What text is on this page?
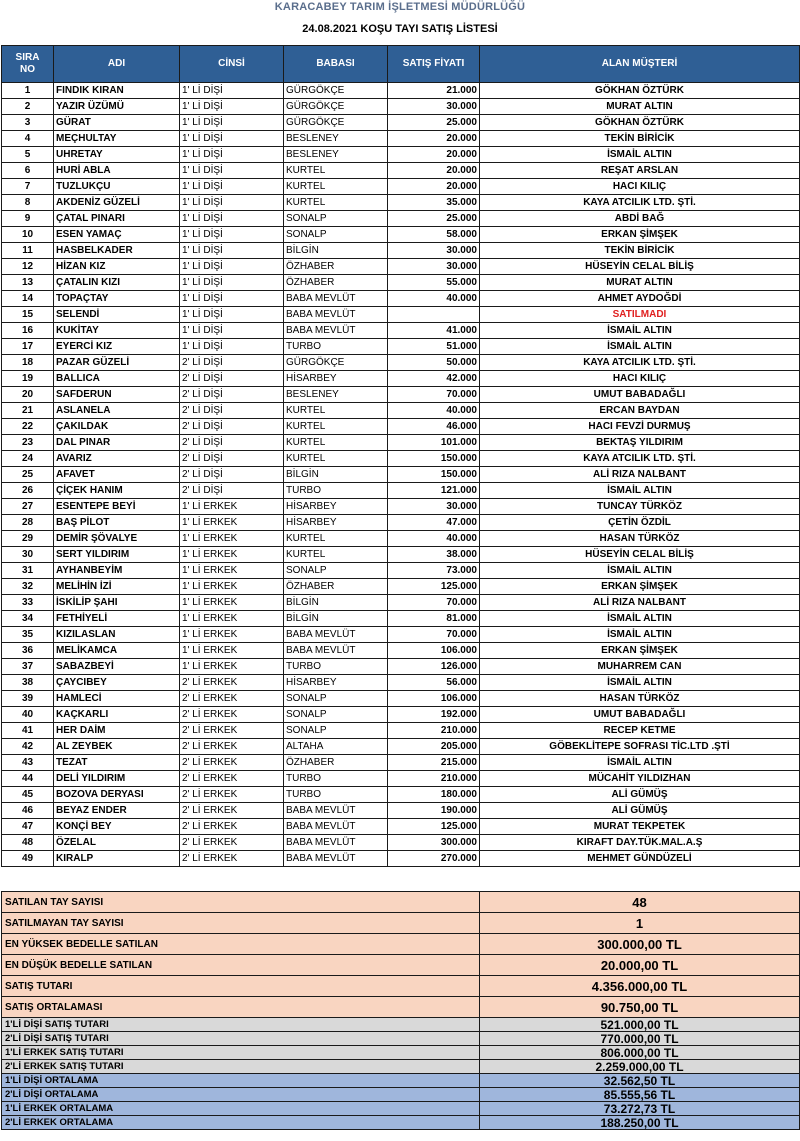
KARACABEY TARIM İŞLETMESİ MÜDÜRLÜĞÜ
24.08.2021 KOŞU TAYI SATIŞ LİSTESİ
SIRA
NO	ADI	CİNSİ	BABASI	SATIŞ FİYATI	ALAN MÜŞTERİ
1	FINDIK KIRAN	1' Lİ DİŞİ	GÜRGÖKÇE	21.000	GÖKHAN ÖZTÜRK
2	YAZIR ÜZÜMÜ	1' Lİ DİŞİ	GÜRGÖKÇE	30.000	MURAT ALTIN
3	GÜRAT	1' Lİ DİŞİ	GÜRGÖKÇE	25.000	GÖKHAN ÖZTÜRK
4	MEÇHULTAY	1' Lİ DİŞİ	BESLENEY	20.000	TEKİN BİRİCİK
5	UHRETAY	1' Lİ DİŞİ	BESLENEY	20.000	İSMAİL ALTIN
6	HURİ ABLA	1' Lİ DİŞİ	KURTEL	20.000	REŞAT ARSLAN
7	TUZLUKÇU	1' Lİ DİŞİ	KURTEL	20.000	HACI KILIÇ
8	AKDENİZ GÜZELİ	1' Lİ DİŞİ	KURTEL	35.000	KAYA ATCILIK LTD. ŞTİ.
9	ÇATAL PINARI	1' Lİ DİŞİ	SONALP	25.000	ABDİ BAĞ
10	ESEN YAMAÇ	1' Lİ DİŞİ	SONALP	58.000	ERKAN ŞİMŞEK
11	HASBELKADER	1' Lİ DİŞİ	BİLGİN	30.000	TEKİN BİRİCİK
12	HİZAN KIZ	1' Lİ DİŞİ	ÖZHABER	30.000	HÜSEYİN CELAL BİLİŞ
13	ÇATALIN KIZI	1' Lİ DİŞİ	ÖZHABER	55.000	MURAT ALTIN
14	TOPAÇTAY	1' Lİ DİŞİ	BABA MEVLÜT	40.000	AHMET AYDOĞDİ
15	SELENDİ	1' Lİ DİŞİ	BABA MEVLÜT		SATILMADI
16	KUKİTAY	1' Lİ DİŞİ	BABA MEVLÜT	41.000	İSMAİL ALTIN
17	EYERCİ KIZ	1' Lİ DİŞİ	TURBO	51.000	İSMAİL ALTIN
18	PAZAR GÜZELİ	2' Lİ DİŞİ	GÜRGÖKÇE	50.000	KAYA ATCILIK LTD. ŞTİ.
19	BALLICA	2' Lİ DİŞİ	HİSARBEY	42.000	HACI KILIÇ
20	SAFDERUN	2' Lİ DİŞİ	BESLENEY	70.000	UMUT BABADAĞLI
21	ASLANELA	2' Lİ DİŞİ	KURTEL	40.000	ERCAN BAYDAN
22	ÇAKILDAK	2' Lİ DİŞİ	KURTEL	46.000	HACI FEVZİ DURMUŞ
23	DAL PINAR	2' Lİ DİŞİ	KURTEL	101.000	BEKTAŞ YILDIRIM
24	AVARIZ	2' Lİ DİŞİ	KURTEL	150.000	KAYA ATCILIK LTD. ŞTİ.
25	AFAVET	2' Lİ DİŞİ	BİLGİN	150.000	ALİ RIZA NALBANT
26	ÇİÇEK HANIM	2' Lİ DİŞİ	TURBO	121.000	İSMAİL ALTIN
27	ESENTEPE BEYİ	1' Lİ ERKEK	HİSARBEY	30.000	TUNCAY TÜRKÖZ
28	BAŞ PİLOT	1' Lİ ERKEK	HİSARBEY	47.000	ÇETİN ÖZDİL
29	DEMİR ŞÖVALYE	1' Lİ ERKEK	KURTEL	40.000	HASAN TÜRKÖZ
30	SERT YILDIRIM	1' Lİ ERKEK	KURTEL	38.000	HÜSEYİN CELAL BİLİŞ
31	AYHANBEYİM	1' Lİ ERKEK	SONALP	73.000	İSMAİL ALTIN
32	MELİHİN İZİ	1' Lİ ERKEK	ÖZHABER	125.000	ERKAN ŞİMŞEK
33	İSKİLİP ŞAHI	1' Lİ ERKEK	BİLGİN	70.000	ALİ RIZA NALBANT
34	FETHİYELİ	1' Lİ ERKEK	BİLGİN	81.000	İSMAİL ALTIN
35	KIZILASLAN	1' Lİ ERKEK	BABA MEVLÜT	70.000	İSMAİL ALTIN
36	MELİKAMCA	1' Lİ ERKEK	BABA MEVLÜT	106.000	ERKAN ŞİMŞEK
37	SABAZBEYİ	1' Lİ ERKEK	TURBO	126.000	MUHARREM CAN
38	ÇAYCIBEY	2' Lİ ERKEK	HİSARBEY	56.000	İSMAİL ALTIN
39	HAMLECİ	2' Lİ ERKEK	SONALP	106.000	HASAN TÜRKÖZ
40	KAÇKARLI	2' Lİ ERKEK	SONALP	192.000	UMUT BABADAĞLI
41	HER DAİM	2' Lİ ERKEK	SONALP	210.000	RECEP KETME
42	AL ZEYBEK	2' Lİ ERKEK	ALTAHA	205.000	GÖBEKLİTEPE SOFRASI TİC.LTD .ŞTİ
43	TEZAT	2' Lİ ERKEK	ÖZHABER	215.000	İSMAİL ALTIN
44	DELİ YILDIRIM	2' Lİ ERKEK	TURBO	210.000	MÜCAHİT YILDIZHAN
45	BOZOVA DERYASI	2' Lİ ERKEK	TURBO	180.000	ALİ GÜMÜŞ
46	BEYAZ ENDER	2' Lİ ERKEK	BABA MEVLÜT	190.000	ALİ GÜMÜŞ
47	KONÇİ BEY	2' Lİ ERKEK	BABA MEVLÜT	125.000	MURAT TEKPETEK
48	ÖZELAL	2' Lİ ERKEK	BABA MEVLÜT	300.000	KIRAFT DAY.TÜK.MAL.A.Ş
49	KIRALP	2' Lİ ERKEK	BABA MEVLÜT	270.000	MEHMET GÜNDÜZELİ
SATILAN TAY SAYISI	48
SATILMAYAN TAY SAYISI	1
EN YÜKSEK BEDELLE SATILAN	300.000,00 TL
EN DÜŞÜK BEDELLE SATILAN	20.000,00 TL
SATIŞ TUTARI	4.356.000,00 TL
SATIŞ ORTALAMASI	90.750,00 TL
1'Lİ DİŞİ SATIŞ TUTARI	521.000,00 TL
2'Lİ DİŞİ SATIŞ TUTARI	770.000,00 TL
1'Lİ ERKEK SATIŞ TUTARI	806.000,00 TL
2'Lİ ERKEK SATIŞ TUTARI	2.259.000,00 TL
1'Lİ DİŞİ ORTALAMA	32.562,50 TL
2'Lİ DİŞİ ORTALAMA	85.555,56 TL
1'Lİ ERKEK ORTALAMA	73.272,73 TL
2'Lİ ERKEK ORTALAMA	188.250,00 TL
